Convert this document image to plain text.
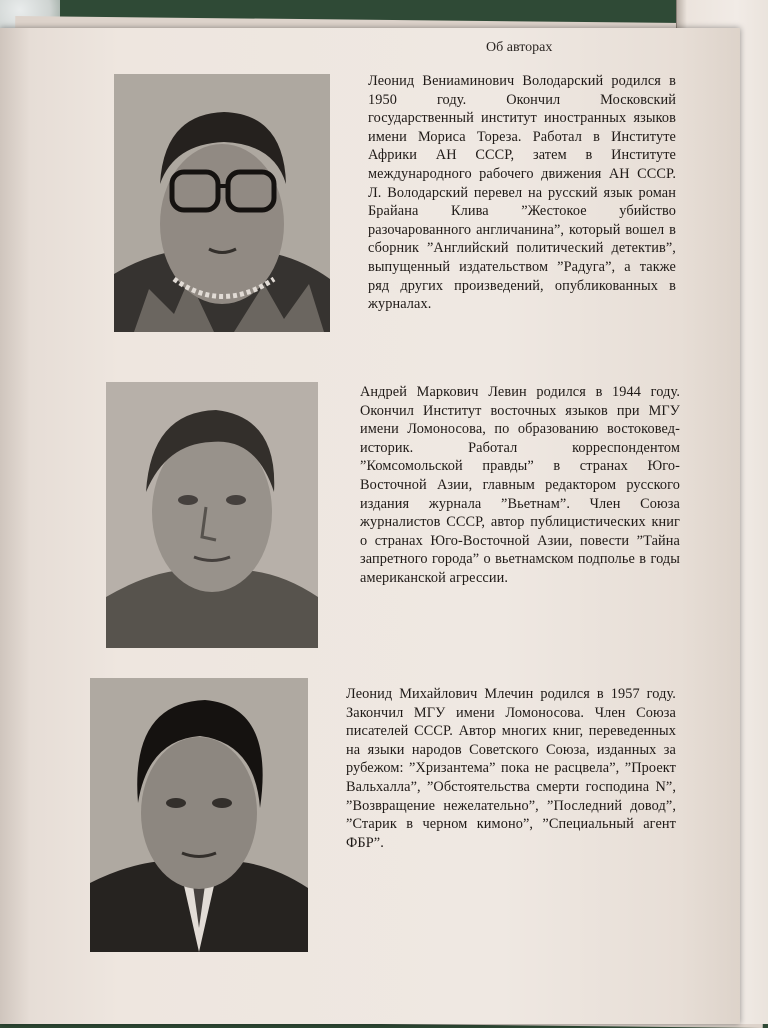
Об авторах
Леонид Вениаминович Володарский родился в 1950 году. Окончил Московский государственный институт иностранных языков имени Мориса Тореза. Работал в Институте Африки АН СССР, затем в Институте международного рабочего движения АН СССР. Л. Володарский перевел на русский язык роман Брайана Клива ”Жестокое убийство разочарованного англичанина”, который вошел в сборник ”Английский политический детектив”, выпущенный издательством ”Радуга”, а также ряд других произведений, опубликованных в журналах.
Андрей Маркович Левин родился в 1944 году. Окончил Институт восточных языков при МГУ имени Ломоносова, по образованию востоковед-историк. Работал корреспондентом ”Комсомольской правды” в странах Юго-Восточной Азии, главным редактором русского издания журнала ”Вьетнам”. Член Союза журналистов СССР, автор публицистических книг о странах Юго-Восточной Азии, повести ”Тайна запретного города” о вьетнамском подполье в годы американской агрессии.
Леонид Михайлович Млечин родился в 1957 году. Закончил МГУ имени Ломоносова. Член Союза писателей СССР. Автор многих книг, переведенных на языки народов Советского Союза, изданных за рубежом: ”Хризантема” пока не расцвела”, ”Проект Вальхалла”, ”Обстоятельства смерти господина N”, ”Возвращение нежелательно”, ”Последний довод”, ”Старик в черном кимоно”, ”Специальный агент ФБР”.
